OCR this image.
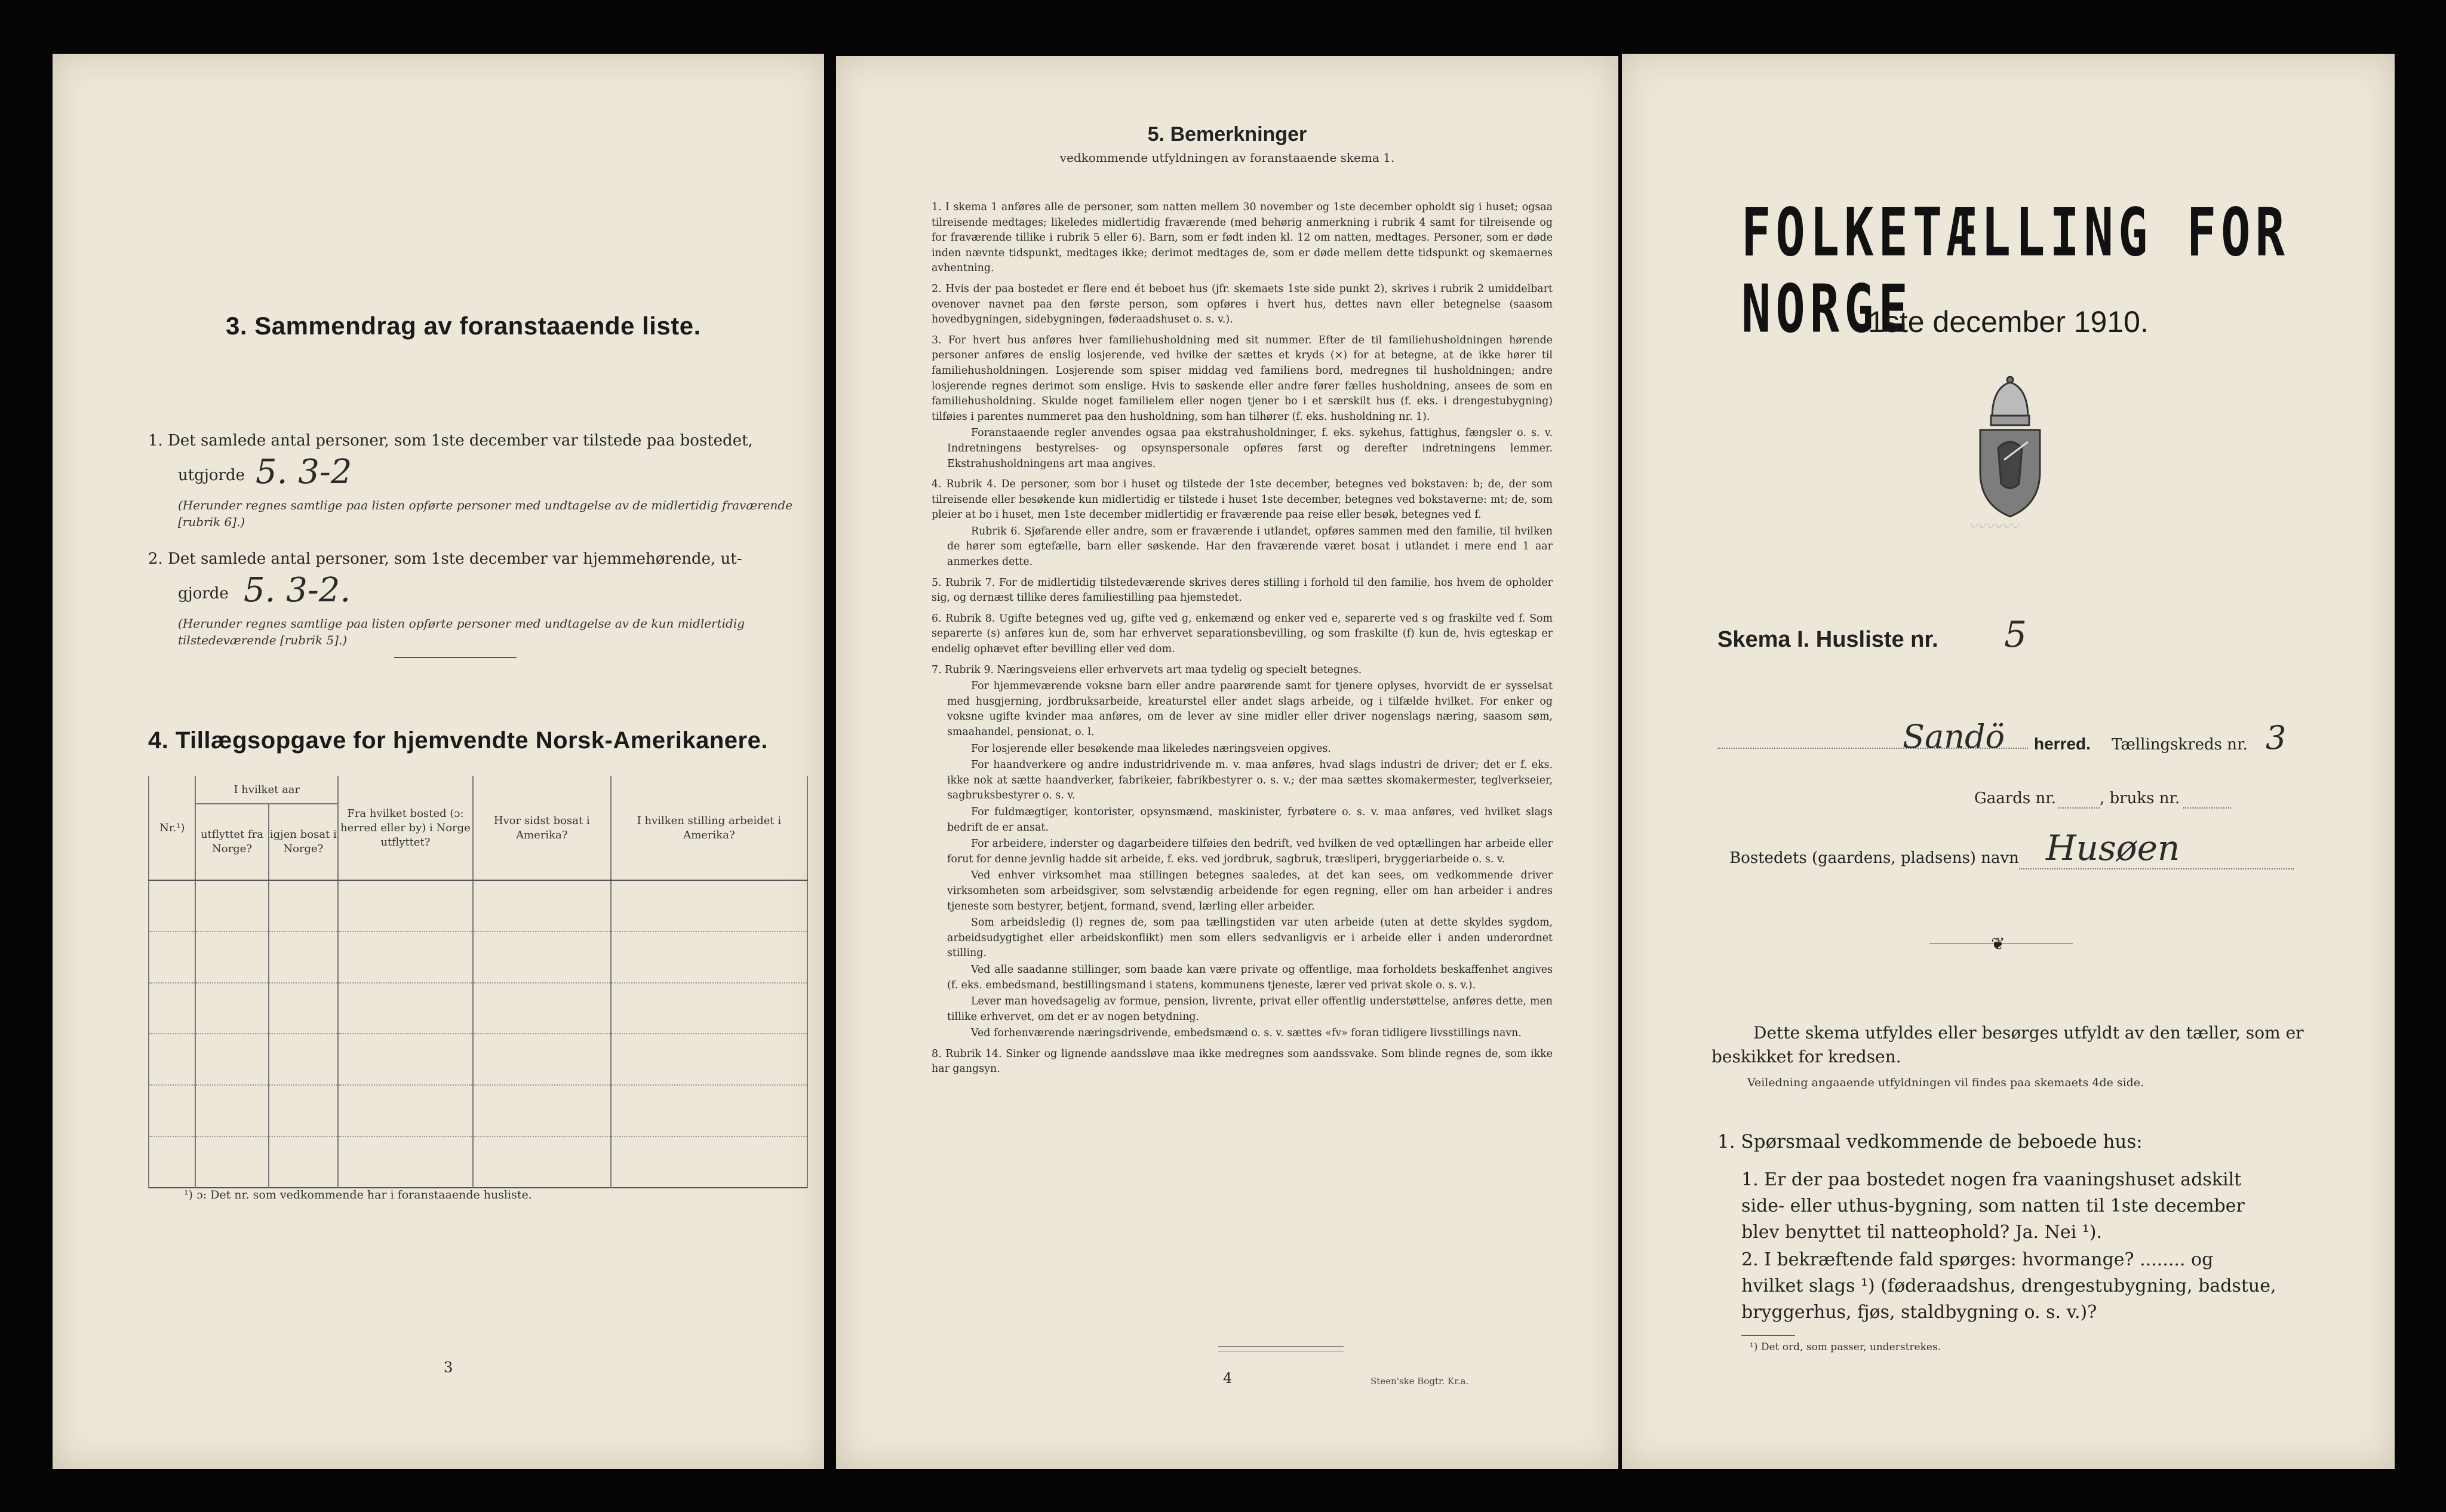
3. Sammendrag av foranstaaende liste.
1. Det samlede antal personer, som 1ste december var tilstede paa bostedet,
utgjorde 5. 3-2
(Herunder regnes samtlige paa listen opførte personer med undtagelse av de midlertidig fraværende [rubrik 6].)
2. Det samlede antal personer, som 1ste december var hjemmehørende, ut-
gjorde 5. 3-2.
(Herunder regnes samtlige paa listen opførte personer med undtagelse av de kun midlertidig tilstedeværende [rubrik 5].)
4. Tillægsopgave for hjemvendte Norsk-Amerikanere.
Nr.¹)	I hvilket aar		Fra hvilket bosted (ɔ: herred eller by) i Norge utflyttet?	Hvor sidst bosat i Amerika?	I hvilken stilling arbeidet i Amerika?
	utflyttet fra Norge?	igjen bosat i Norge?			

¹) ɔ: Det nr. som vedkommende har i foranstaaende husliste.
3
5. Bemerkninger
vedkommende utfyldningen av foranstaaende skema 1.
1. I skema 1 anføres alle de personer, som natten mellem 30 november og 1ste december opholdt sig i huset; ogsaa tilreisende medtages; likeledes midlertidig fraværende (med behørig anmerkning i rubrik 4 samt for tilreisende og for fraværende tillike i rubrik 5 eller 6). Barn, som er født inden kl. 12 om natten, medtages. Personer, som er døde inden nævnte tidspunkt, medtages ikke; derimot medtages de, som er døde mellem dette tidspunkt og skemaernes avhentning.
2. Hvis der paa bostedet er flere end ét beboet hus (jfr. skemaets 1ste side punkt 2), skrives i rubrik 2 umiddelbart ovenover navnet paa den første person, som opføres i hvert hus, dettes navn eller betegnelse (saasom hovedbygningen, sidebygningen, føderaadshuset o. s. v.).
3. For hvert hus anføres hver familiehusholdning med sit nummer. Efter de til familiehusholdningen hørende personer anføres de enslig losjerende, ved hvilke der sættes et kryds (×) for at betegne, at de ikke hører til familiehusholdningen. Losjerende som spiser middag ved familiens bord, medregnes til husholdningen; andre losjerende regnes derimot som enslige. Hvis to søskende eller andre fører fælles husholdning, ansees de som en familiehusholdning. Skulde noget familielem eller nogen tjener bo i et særskilt hus (f. eks. i drengestubygning) tilføies i parentes nummeret paa den husholdning, som han tilhører (f. eks. husholdning nr. 1).
Foranstaaende regler anvendes ogsaa paa ekstrahusholdninger, f. eks. sykehus, fattighus, fængsler o. s. v. Indretningens bestyrelses- og opsynspersonale opføres først og derefter indretningens lemmer. Ekstrahusholdningens art maa angives.
4. Rubrik 4. De personer, som bor i huset og tilstede der 1ste december, betegnes ved bokstaven: b; de, der som tilreisende eller besøkende kun midlertidig er tilstede i huset 1ste december, betegnes ved bokstaverne: mt; de, som pleier at bo i huset, men 1ste december midlertidig er fraværende paa reise eller besøk, betegnes ved f.
Rubrik 6. Sjøfarende eller andre, som er fraværende i utlandet, opføres sammen med den familie, til hvilken de hører som egtefælle, barn eller søskende. Har den fraværende været bosat i utlandet i mere end 1 aar anmerkes dette.
5. Rubrik 7. For de midlertidig tilstedeværende skrives deres stilling i forhold til den familie, hos hvem de opholder sig, og dernæst tillike deres familiestilling paa hjemstedet.
6. Rubrik 8. Ugifte betegnes ved ug, gifte ved g, enkemænd og enker ved e, separerte ved s og fraskilte ved f. Som separerte (s) anføres kun de, som har erhvervet separationsbevilling, og som fraskilte (f) kun de, hvis egteskap er endelig ophævet efter bevilling eller ved dom.
7. Rubrik 9. Næringsveiens eller erhvervets art maa tydelig og specielt betegnes.
For hjemmeværende voksne barn eller andre paarørende samt for tjenere oplyses, hvorvidt de er sysselsat med husgjerning, jordbruksarbeide, kreaturstel eller andet slags arbeide, og i tilfælde hvilket. For enker og voksne ugifte kvinder maa anføres, om de lever av sine midler eller driver nogenslags næring, saasom søm, smaahandel, pensionat, o. l.
For losjerende eller besøkende maa likeledes næringsveien opgives.
For haandverkere og andre industridrivende m. v. maa anføres, hvad slags industri de driver; det er f. eks. ikke nok at sætte haandverker, fabrikeier, fabrikbestyrer o. s. v.; der maa sættes skomakermester, teglverkseier, sagbruksbestyrer o. s. v.
For fuldmægtiger, kontorister, opsynsmænd, maskinister, fyrbøtere o. s. v. maa anføres, ved hvilket slags bedrift de er ansat.
For arbeidere, inderster og dagarbeidere tilføies den bedrift, ved hvilken de ved optællingen har arbeide eller forut for denne jevnlig hadde sit arbeide, f. eks. ved jordbruk, sagbruk, træsliperi, bryggeriarbeide o. s. v.
Ved enhver virksomhet maa stillingen betegnes saaledes, at det kan sees, om vedkommende driver virksomheten som arbeidsgiver, som selvstændig arbeidende for egen regning, eller om han arbeider i andres tjeneste som bestyrer, betjent, formand, svend, lærling eller arbeider.
Som arbeidsledig (l) regnes de, som paa tællingstiden var uten arbeide (uten at dette skyldes sygdom, arbeidsudygtighet eller arbeidskonflikt) men som ellers sedvanligvis er i arbeide eller i anden underordnet stilling.
Ved alle saadanne stillinger, som baade kan være private og offentlige, maa forholdets beskaffenhet angives (f. eks. embedsmand, bestillingsmand i statens, kommunens tjeneste, lærer ved privat skole o. s. v.).
Lever man hovedsagelig av formue, pension, livrente, privat eller offentlig understøttelse, anføres dette, men tillike erhvervet, om det er av nogen betydning.
Ved forhenværende næringsdrivende, embedsmænd o. s. v. sættes «fv» foran tidligere livsstillings navn.
8. Rubrik 14. Sinker og lignende aandssløve maa ikke medregnes som aandssvake. Som blinde regnes de, som ikke har gangsyn.
4	Steen'ske Bogtr. Kr.a.
FOLKETÆLLING FOR NORGE
1ste december 1910.
〰〰〰
Skema I. Husliste nr. 5
Sandö herred. Tællingskreds nr. 3
Gaards nr.	, bruks nr.
Bostedets (gaardens, pladsens) navn Husøen
❦
Dette skema utfyldes eller besørges utfyldt av den tæller, som er beskikket for kredsen.
Veiledning angaaende utfyldningen vil findes paa skemaets 4de side.
1. Spørsmaal vedkommende de beboede hus:
1. Er der paa bostedet nogen fra vaaningshuset adskilt side- eller uthus-bygning, som natten til 1ste december blev benyttet til natteophold? Ja. Nei ¹).
2. I bekræftende fald spørges: hvormange? ........ og hvilket slags ¹) (føderaadshus, drengestubygning, badstue, bryggerhus, fjøs, staldbygning o. s. v.)?
¹) Det ord, som passer, understrekes.
